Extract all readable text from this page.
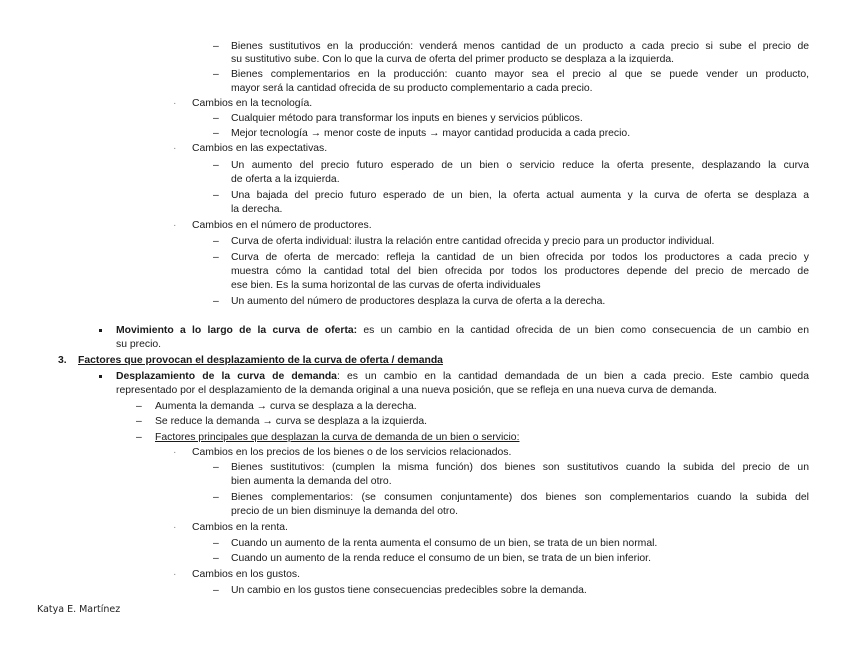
– Bienes sustitutivos en la producción: venderá menos cantidad de un producto a cada precio si sube el precio de
su sustitutivo sube. Con lo que la curva de oferta del primer producto se desplaza a la izquierda.
– Bienes complementarios en la producción: cuanto mayor sea el precio al que se puede vender un producto,
mayor será la cantidad ofrecida de su producto complementario a cada precio.
· Cambios en la tecnología.
– Cualquier método para transformar los inputs en bienes y servicios públicos.
– Mejor tecnología → menor coste de inputs → mayor cantidad producida a cada precio.
· Cambios en las expectativas.
– Un aumento del precio futuro esperado de un bien o servicio reduce la oferta presente, desplazando la curva
de oferta a la izquierda.
– Una bajada del precio futuro esperado de un bien, la oferta actual aumenta y la curva de oferta se desplaza a
la derecha.
· Cambios en el número de productores.
– Curva de oferta individual: ilustra la relación entre cantidad ofrecida y precio para un productor individual.
– Curva de oferta de mercado: refleja la cantidad de un bien ofrecida por todos los productores a cada precio y
muestra cómo la cantidad total del bien ofrecida por todos los productores depende del precio de mercado de
ese bien. Es la suma horizontal de las curvas de oferta individuales
– Un aumento del número de productores desplaza la curva de oferta a la derecha.
Movimiento a lo largo de la curva de oferta: es un cambio en la cantidad ofrecida de un bien como consecuencia de un cambio en
su precio.
3. Factores que provocan el desplazamiento de la curva de oferta / demanda
Desplazamiento de la curva de demanda: es un cambio en la cantidad demandada de un bien a cada precio. Este cambio queda
representado por el desplazamiento de la demanda original a una nueva posición, que se refleja en una nueva curva de demanda.
– Aumenta la demanda → curva se desplaza a la derecha.
– Se reduce la demanda → curva se desplaza a la izquierda.
– Factores principales que desplazan la curva de demanda de un bien o servicio:
· Cambios en los precios de los bienes o de los servicios relacionados.
– Bienes sustitutivos: (cumplen la misma función) dos bienes son sustitutivos cuando la subida del precio de un
bien aumenta la demanda del otro.
– Bienes complementarios: (se consumen conjuntamente) dos bienes son complementarios cuando la subida del
precio de un bien disminuye la demanda del otro.
· Cambios en la renta.
– Cuando un aumento de la renta aumenta el consumo de un bien, se trata de un bien normal.
– Cuando un aumento de la renda reduce el consumo de un bien, se trata de un bien inferior.
· Cambios en los gustos.
– Un cambio en los gustos tiene consecuencias predecibles sobre la demanda.
Katya E. Martínez
